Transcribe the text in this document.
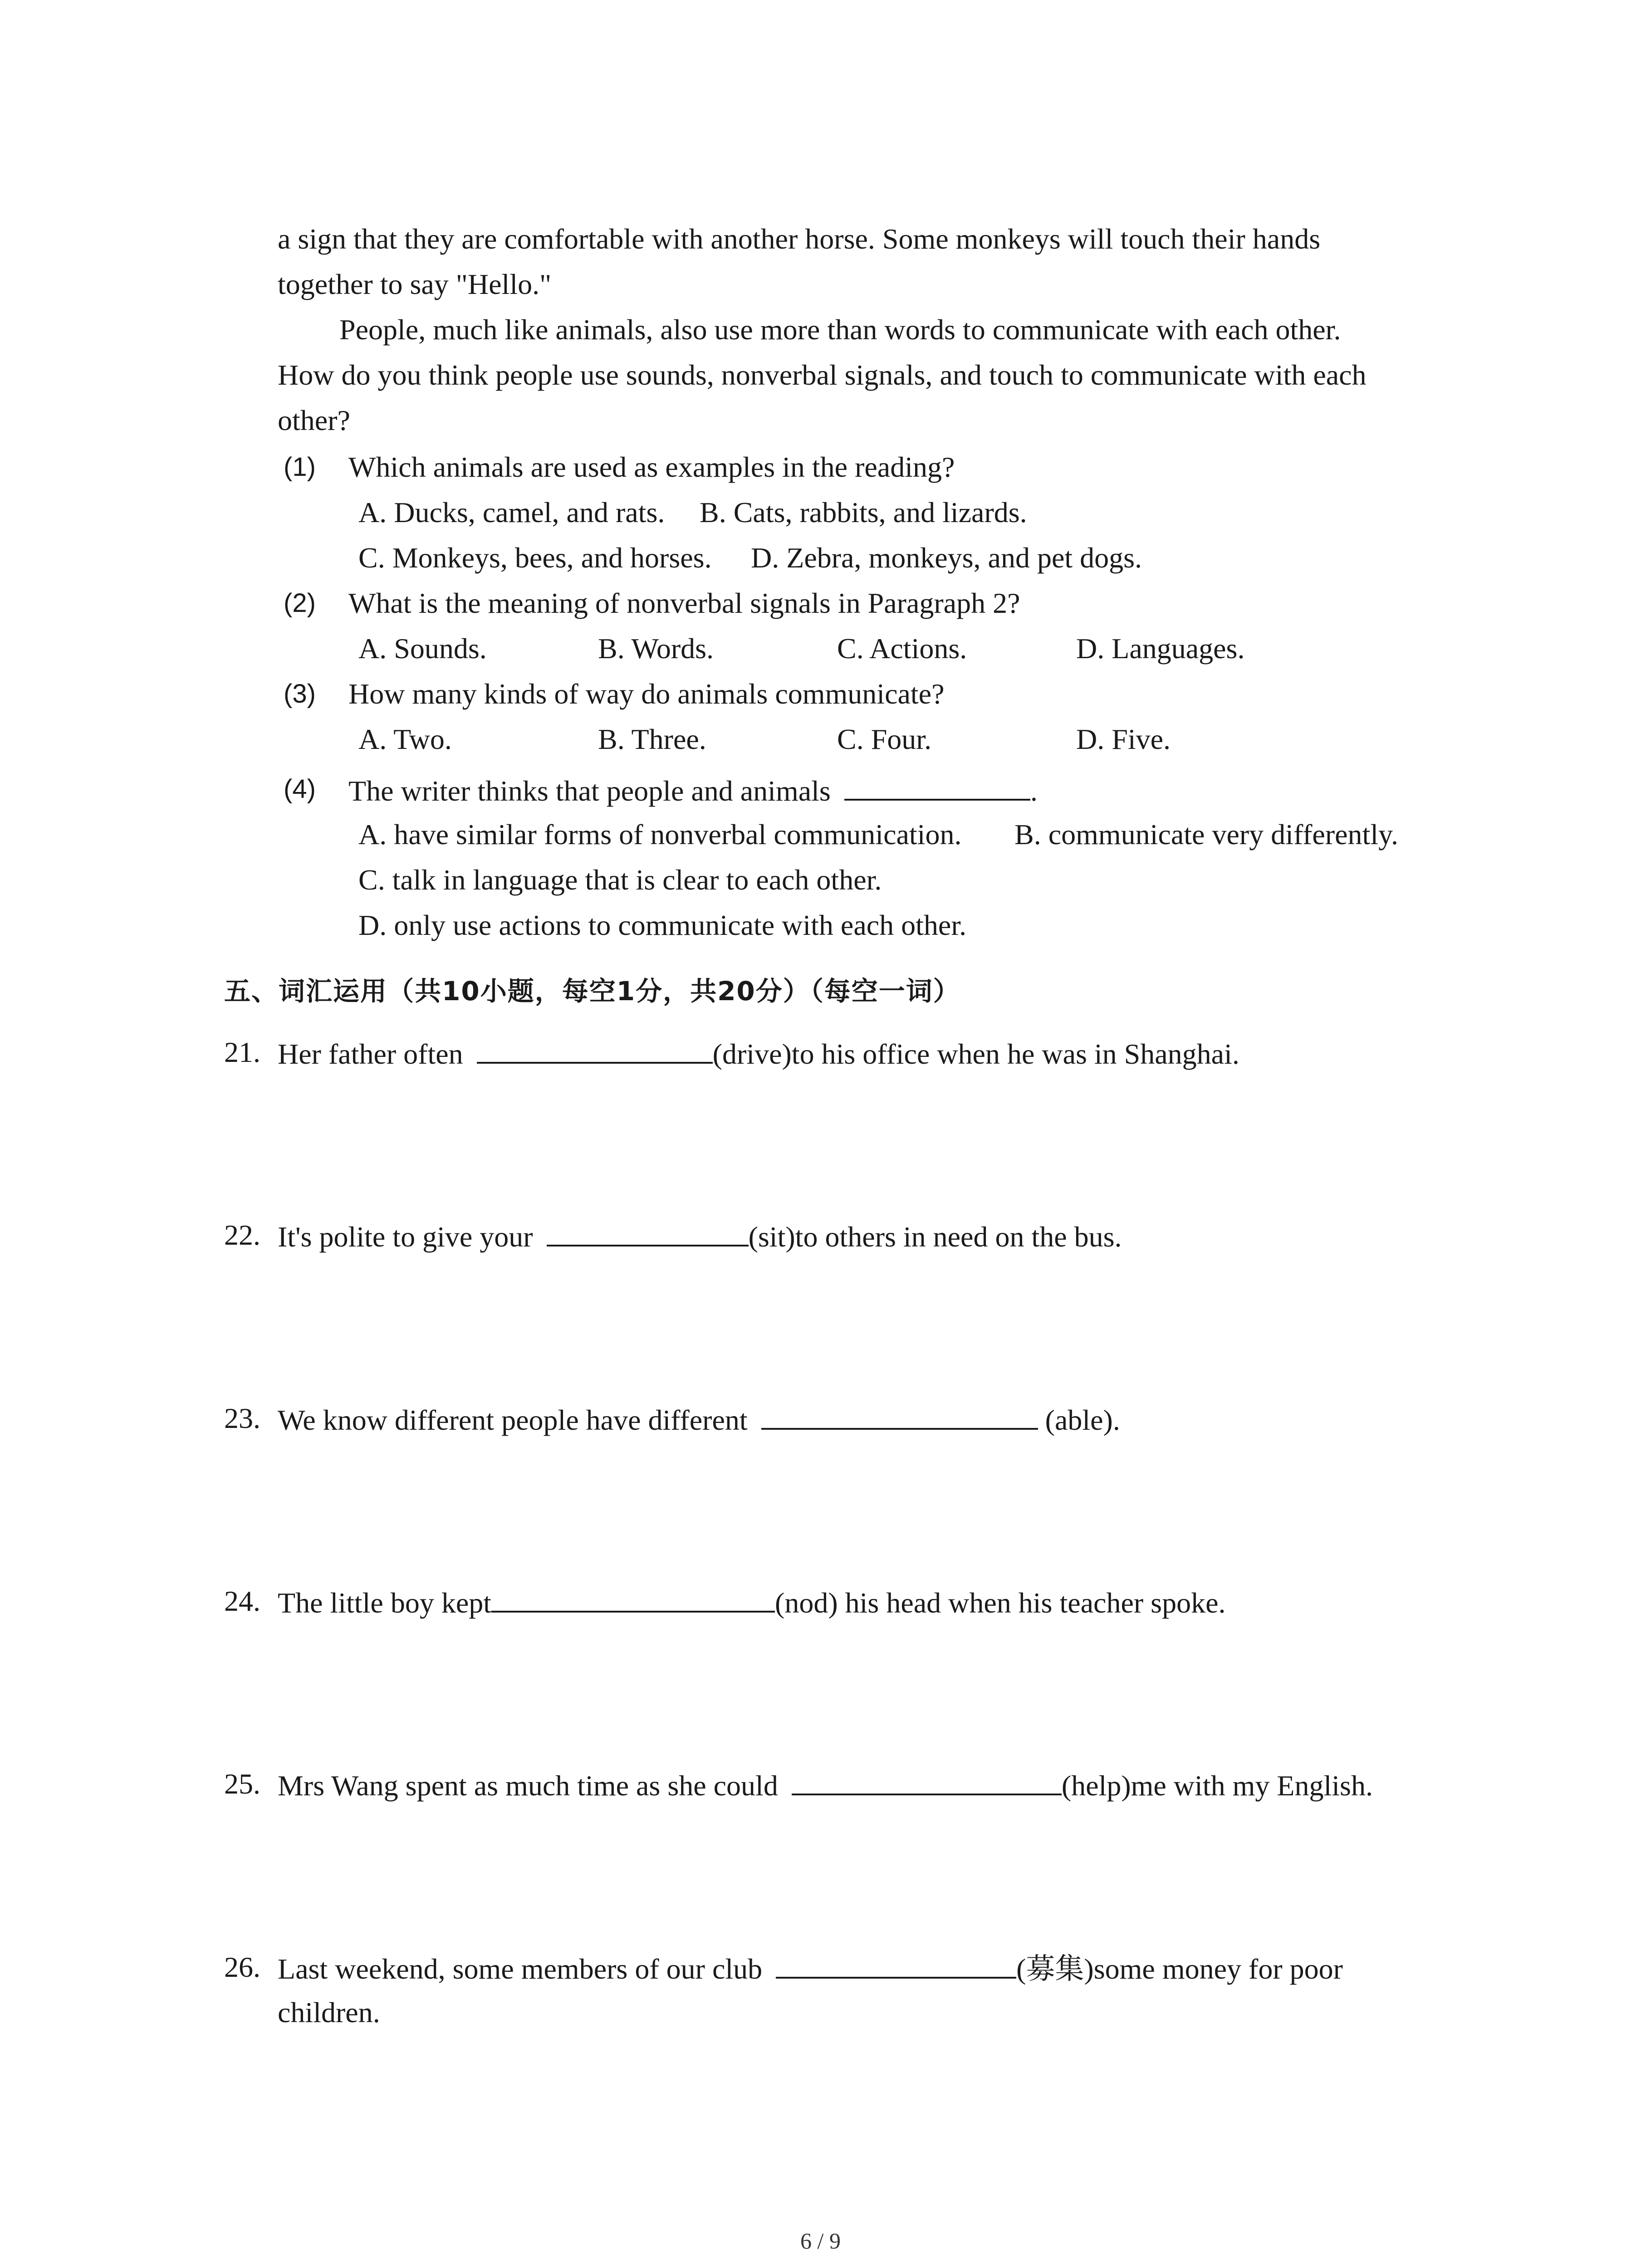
a sign that they are comfortable with another horse. Some monkeys will touch their hands

together to say "Hello."

People, much like animals, also use more than words to communicate with each other.

How do you think people use sounds, nonverbal signals, and touch to communicate with each

other?

(1) Which animals are used as examples in the reading?

A. Ducks, camel, and rats. B. Cats, rabbits, and lizards.
C. Monkeys, bees, and horses. D. Zebra, monkeys, and pet dogs.
(2) What is the meaning of nonverbal signals in Paragraph 2?

A. Sounds.	B. Words.	C. Actions.	D. Languages.
(3) How many kinds of way do animals communicate?

A. Two.	B. Three.	C. Four.	D. Five.
(4) The writer thinks that people and animals	.

A. have similar forms of nonverbal communication. B. communicate very differently.
C. talk in language that is clear to each other.
D. only use actions to communicate with each other.
五、词汇运用（共10小题，每空1分，共20分）（每空一词）
21. Her father often	(drive)to his office when he was in Shanghai.

22. It's polite to give your	(sit)to others in need on the bus.

23. We know different people have different	(able).

24. The little boy kept	(nod) his head when his teacher spoke.

25. Mrs Wang spent as much time as she could	(help)me with my English.

26. Last weekend, some members of our club	(募集)some money for poor

children.

6 / 9
